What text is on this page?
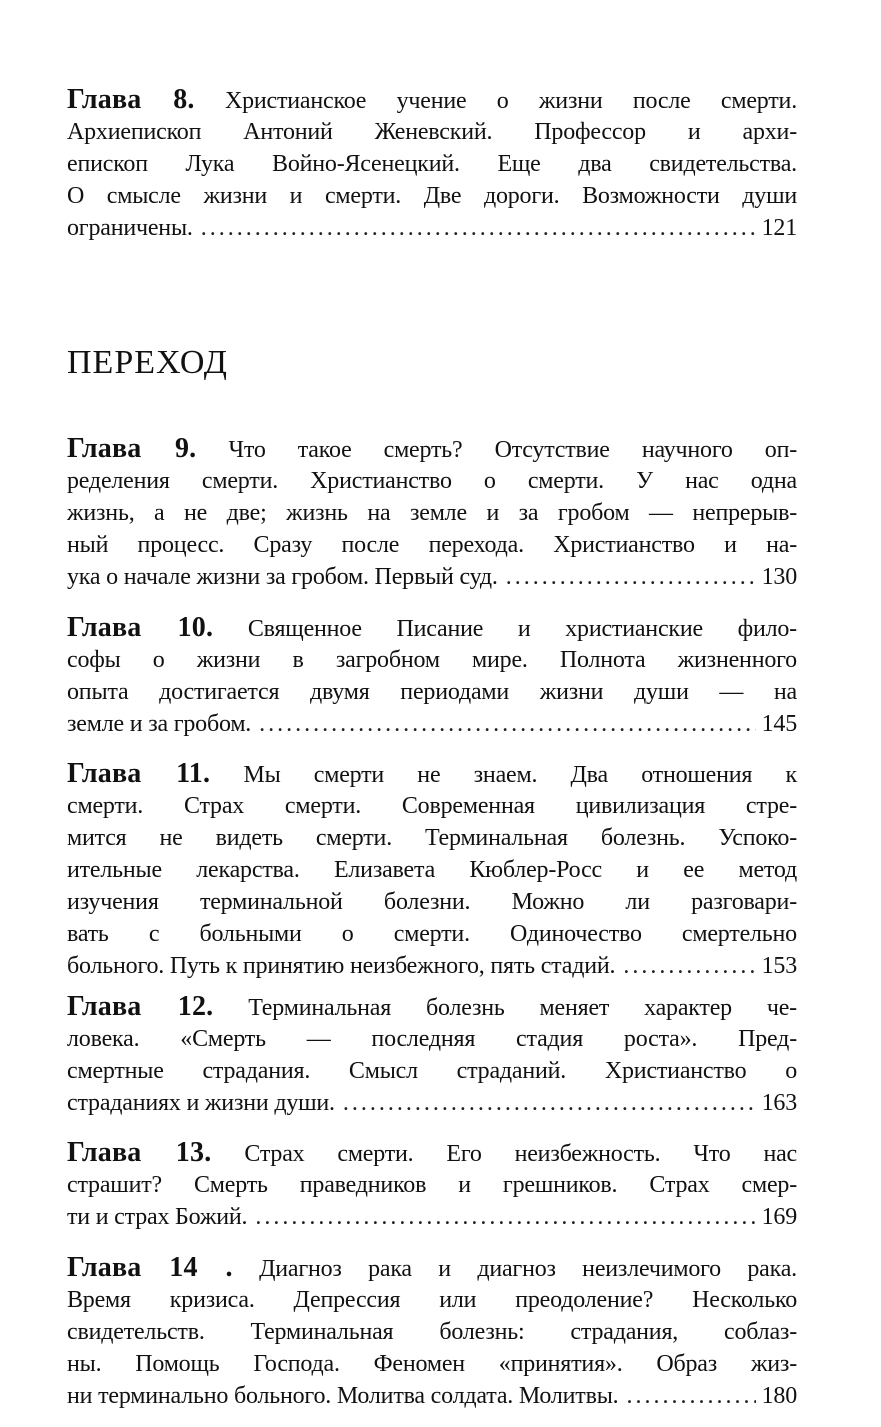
Глава 8. Христианское учение о жизни после смерти.
Архиепископ Антоний Женевский. Профессор и архи-
епископ Лука Войно-Ясенецкий. Еще два свидетельства.
О смысле жизни и смерти. Две дороги. Возможности души
ограничены. .....	121
ПЕРЕХОД
Глава 9. Что такое смерть? Отсутствие научного оп-
ределения смерти. Христианство о смерти. У нас одна
жизнь, а не две; жизнь на земле и за гробом — непрерыв-
ный процесс. Сразу после перехода. Христианство и на-
ука о начале жизни за гробом. Первый суд. .....	130
Глава 10. Священное Писание и христианские фило-
софы о жизни в загробном мире. Полнота жизненного
опыта достигается двумя периодами жизни души — на
земле и за гробом. .....	145
Глава 11. Мы смерти не знаем. Два отношения к
смерти. Страх смерти. Современная цивилизация стре-
мится не видеть смерти. Терминальная болезнь. Успоко-
ительные лекарства. Елизавета Кюблер-Росс и ее метод
изучения терминальной болезни. Можно ли разговари-
вать с больными о смерти. Одиночество смертельно
больного. Путь к принятию неизбежного, пять стадий. .....	153
Глава 12. Терминальная болезнь меняет характер че-
ловека. «Смерть — последняя стадия роста». Пред-
смертные страдания. Смысл страданий. Христианство о
страданиях и жизни души. .....	163
Глава 13. Страх смерти. Его неизбежность. Что нас
страшит? Смерть праведников и грешников. Страх смер-
ти и страх Божий. .....	169
Глава 14 . Диагноз рака и диагноз неизлечимого рака.
Время кризиса. Депрессия или преодоление? Несколько
свидетельств. Терминальная болезнь: страдания, соблаз-
ны. Помощь Господа. Феномен «принятия». Образ жиз-
ни терминально больного. Молитва солдата. Молитвы. .....	180
